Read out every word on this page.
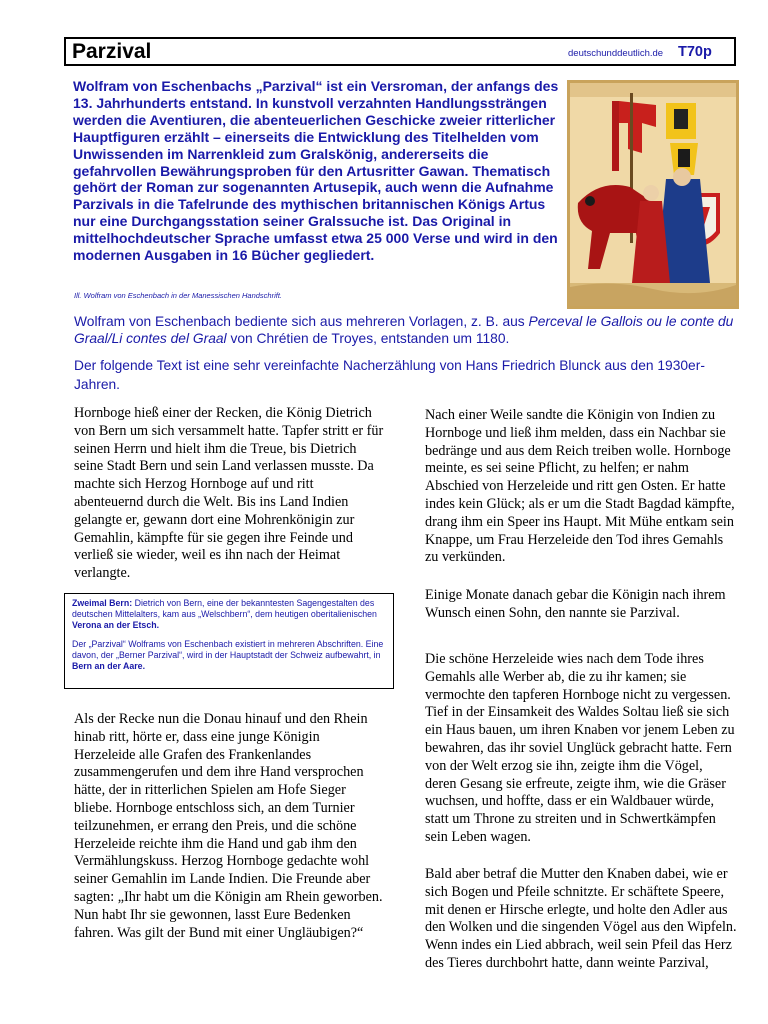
Parzival	deutschunddeutlich.de T70p

Wolfram von Eschenbachs „Parzival“ ist ein Versroman, der anfangs des 13. Jahrhunderts entstand. In kunstvoll verzahnten Handlungssträngen werden die Aventiuren, die abenteuerlichen Geschicke zweier ritterlicher Hauptfiguren erzählt – einerseits die Entwicklung des Titelhelden vom Unwissenden im Narrenkleid zum Gralskönig, andererseits die gefahrvollen Bewährungsproben für den Artusritter Gawan. Thematisch gehört der Roman zur sogenannten Artusepik, auch wenn die Aufnahme Parzivals in die Tafelrunde des mythischen britannischen Königs Artus nur eine Durchgangsstation seiner Gralssuche ist. Das Original in mittelhochdeutscher Sprache umfasst etwa 25 000 Verse und wird in den modernen Ausgaben in 16 Bücher gegliedert.

Ill. Wolfram von Eschenbach in der Manessischen Handschrift.

Wolfram von Eschenbach bediente sich aus mehreren Vorlagen, z. B. aus Perceval le Gallois ou le conte du Graal/Li contes del Graal von Chrétien de Troyes, entstanden um 1180.

Der folgende Text ist eine sehr vereinfachte Nacherzählung von Hans Friedrich Blunck aus den 1930er-Jahren.

Hornboge hieß einer der Recken, die König Dietrich von Bern um sich versammelt hatte. Tapfer stritt er für seinen Herrn und hielt ihm die Treue, bis Dietrich seine Stadt Bern und sein Land verlassen musste. Da machte sich Herzog Hornboge auf und ritt abenteuernd durch die Welt. Bis ins Land Indien gelangte er, gewann dort eine Mohrenkönigin zur Gemahlin, kämpfte für sie gegen ihre Feinde und verließ sie wieder, weil es ihn nach der Heimat verlangte.

Zweimal Bern: Dietrich von Bern, eine der bekanntesten Sagengestalten des deutschen Mittelalters, kam aus „Welschbern“, dem heutigen oberitalienischen Verona an der Etsch.

Der „Parzival“ Wolframs von Eschenbach existiert in mehreren Abschriften. Eine davon, der „Berner Parzival“, wird in der Hauptstadt der Schweiz aufbewahrt, in Bern an der Aare.

Als der Recke nun die Donau hinauf und den Rhein hinab ritt, hörte er, dass eine junge Königin Herzeleide alle Grafen des Frankenlandes zusammengerufen und dem ihre Hand versprochen hätte, der in ritterlichen Spielen am Hofe Sieger bliebe. Hornboge entschloss sich, an dem Turnier teilzunehmen, er errang den Preis, und die schöne Herzeleide reichte ihm die Hand und gab ihm den Vermählungskuss. Herzog Hornboge gedachte wohl seiner Gemahlin im Lande Indien. Die Freunde aber sagten: „Ihr habt um die Königin am Rhein geworben. Nun habt Ihr sie gewonnen, lasst Eure Bedenken fahren. Was gilt der Bund mit einer Ungläubigen?“

Nach einer Weile sandte die Königin von Indien zu Hornboge und ließ ihm melden, dass ein Nachbar sie bedränge und aus dem Reich treiben wolle. Hornboge meinte, es sei seine Pflicht, zu helfen; er nahm Abschied von Herzeleide und ritt gen Osten. Er hatte indes kein Glück; als er um die Stadt Bagdad kämpfte, drang ihm ein Speer ins Haupt. Mit Mühe entkam sein Knappe, um Frau Herzeleide den Tod ihres Gemahls zu verkünden.

Einige Monate danach gebar die Königin nach ihrem Wunsch einen Sohn, den nannte sie Parzival.

Die schöne Herzeleide wies nach dem Tode ihres Gemahls alle Werber ab, die zu ihr kamen; sie vermochte den tapferen Hornboge nicht zu vergessen. Tief in der Einsamkeit des Waldes Soltau ließ sie sich ein Haus bauen, um ihren Knaben vor jenem Leben zu bewahren, das ihr soviel Unglück gebracht hatte. Fern von der Welt erzog sie ihn, zeigte ihm die Vögel, deren Gesang sie erfreute, zeigte ihm, wie die Gräser wuchsen, und hoffte, dass er ein Waldbauer würde, statt um Throne zu streiten und in Schwertkämpfen sein Leben wagen.

Bald aber betraf die Mutter den Knaben dabei, wie er sich Bogen und Pfeile schnitzte. Er schäftete Speere, mit denen er Hirsche erlegte, und holte den Adler aus den Wolken und die singenden Vögel aus den Wipfeln. Wenn indes ein Lied abbrach, weil sein Pfeil das Herz des Tieres durchbohrt hatte, dann weinte Parzival,
